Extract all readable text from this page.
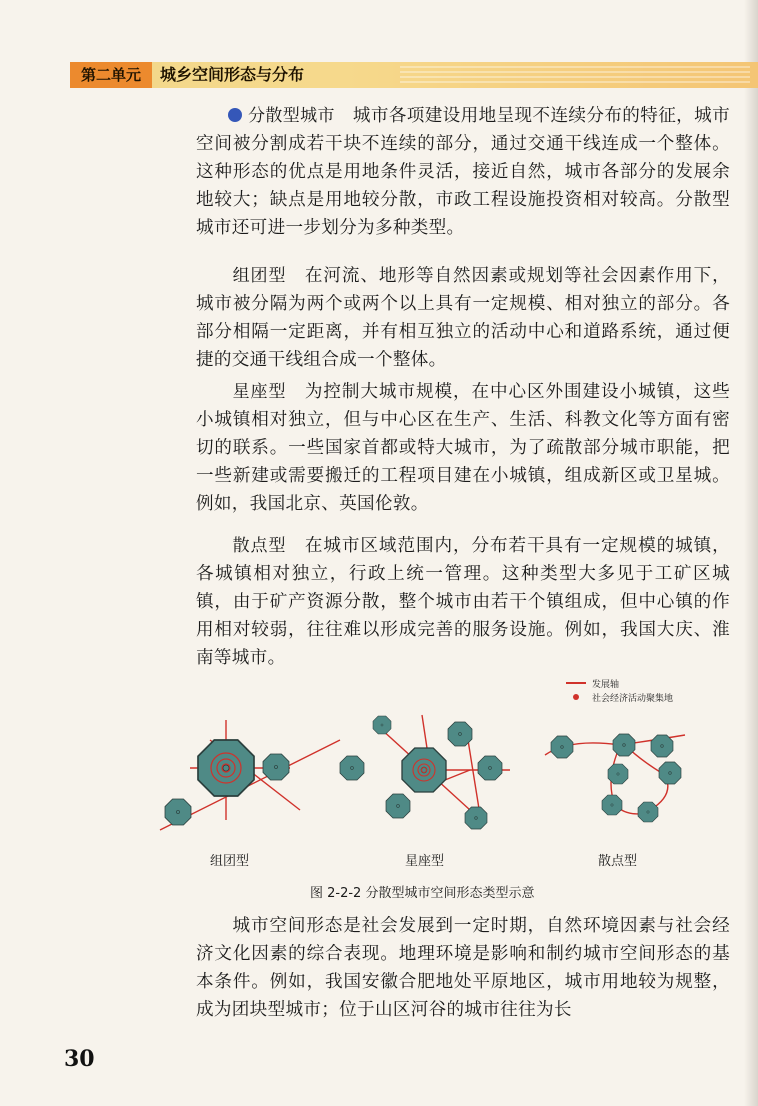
第二单元	城乡空间形态与分布
分散型城市　 城市各项建设用地呈现不连续分布的特征，城市空间被分割成若干块不连续的部分，通过交通干线连成一个整体。这种形态的优点是用地条件灵活，接近自然，城市各部分的发展余地较大；缺点是用地较分散，市政工程设施投资相对较高。分散型城市还可进一步划分为多种类型。
组团型　 在河流、地形等自然因素或规划等社会因素作用下，城市被分隔为两个或两个以上具有一定规模、相对独立的部分。各部分相隔一定距离，并有相互独立的活动中心和道路系统，通过便捷的交通干线组合成一个整体。
星座型　 为控制大城市规模，在中心区外围建设小城镇，这些小城镇相对独立，但与中心区在生产、生活、科教文化等方面有密切的联系。一些国家首都或特大城市，为了疏散部分城市职能，把一些新建或需要搬迁的工程项目建在小城镇，组成新区或卫星城。例如，我国北京、英国伦敦。
散点型　 在城市区域范围内，分布若干具有一定规模的城镇，各城镇相对独立，行政上统一管理。这种类型大多见于工矿区城镇，由于矿产资源分散，整个城市由若干个镇组成，但中心镇的作用相对较弱，往往难以形成完善的服务设施。例如，我国大庆、淮南等城市。
发展轴
社会经济活动聚集地
组团型	星座型	散点型
图 2-2-2 分散型城市空间形态类型示意
城市空间形态是社会发展到一定时期，自然环境因素与社会经济文化因素的综合表现。地理环境是影响和制约城市空间形态的基本条件。例如，我国安徽合肥地处平原地区，城市用地较为规整，成为团块型城市；位于山区河谷的城市往往为长
30
